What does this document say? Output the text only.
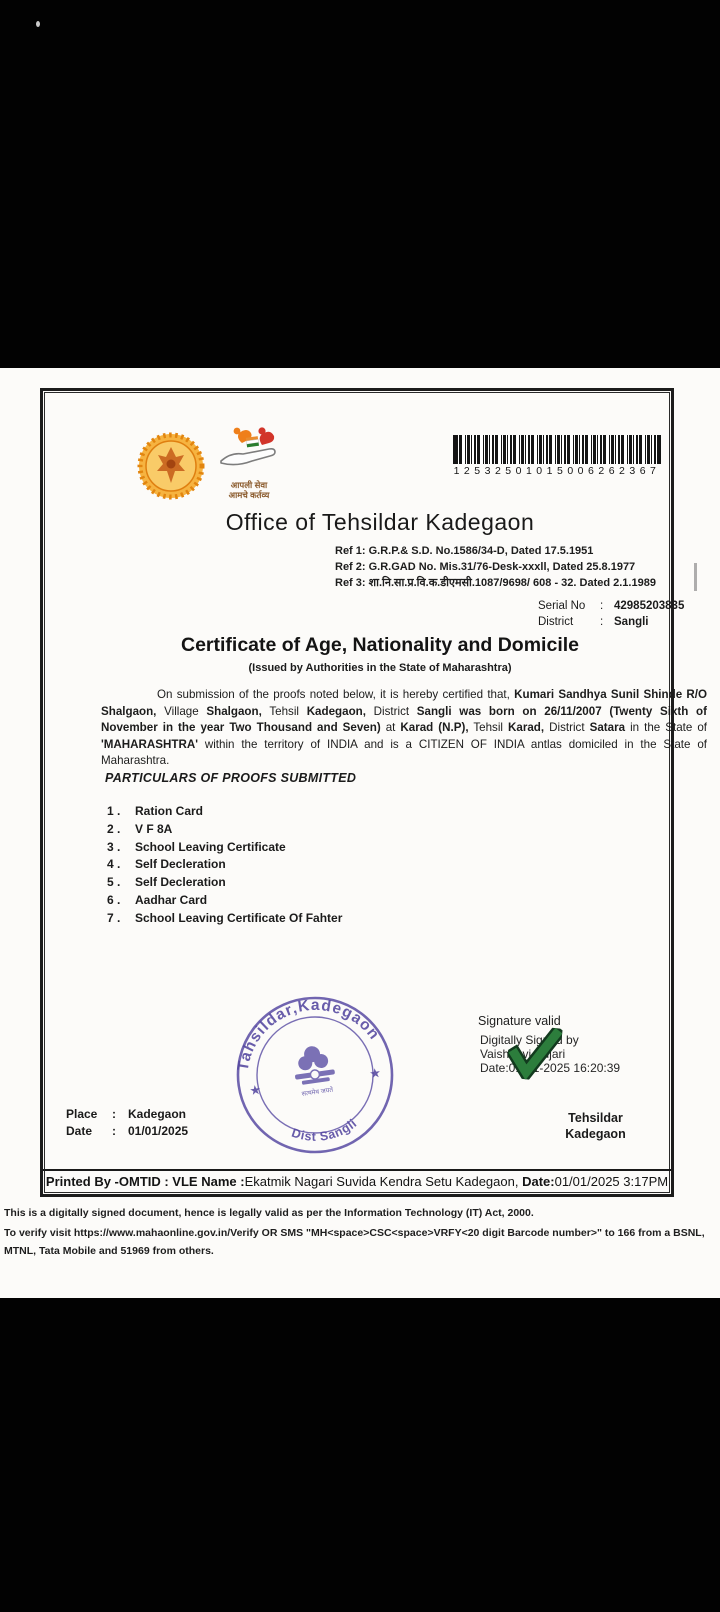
आपली सेवा
आमचे कर्तव्य
12532501015006262367
Office of Tehsildar Kadegaon
Ref 1: G.R.P.& S.D. No.1586/34-D, Dated 17.5.1951
Ref 2: G.R.GAD No. Mis.31/76-Desk-xxxll, Dated 25.8.1977
Ref 3: शा.नि.सा.प्र.वि.क.डीएमसी.1087/9698/ 608 - 32. Dated 2.1.1989
Serial No	: 42985203835
District	: Sangli
Certificate of Age, Nationality and Domicile
(Issued by Authorities in the State of Maharashtra)
On submission of the proofs noted below, it is hereby certified that, Kumari Sandhya Sunil Shinde R/O Shalgaon, Village Shalgaon, Tehsil Kadegaon, District Sangli was born on 26/11/2007 (Twenty Sixth of November in the year Two Thousand and Seven) at Karad (N.P), Tehsil Karad, District Satara in the State of 'MAHARASHTRA' within the territory of INDIA and is a CITIZEN OF INDIA antlas domiciled in the State of Maharashtra.
PARTICULARS OF PROOFS SUBMITTED
1 .	Ration Card
2 .	V F 8A
3 .	School Leaving Certificate
4 .	Self Decleration
5 .	Self Decleration
6 .	Aadhar Card
7 .	School Leaving Certificate Of Fahter
Printed By -OMTID : VLE Name :Ekatmik Nagari Suvida Kendra Setu Kadegaon, Date:01/01/2025 3:17PM
Tahsildar,Kadegaon
Dist Sangli
★
★
सत्यमेव जयते
Signature valid
Digitally Signed by
Vaishnavi Pujari
Date:01-01-2025 16:20:39
Place	:	Kadegaon
Date	:	01/01/2025
Tehsildar
Kadegaon

This is a digitally signed document, hence is legally valid as per the Information Technology (IT) Act, 2000.

To verify visit https://www.mahaonline.gov.in/Verify OR SMS "MH<space>CSC<space>VRFY<20 digit Barcode number>" to 166 from a BSNL, MTNL, Tata Mobile and 51969 from others.
